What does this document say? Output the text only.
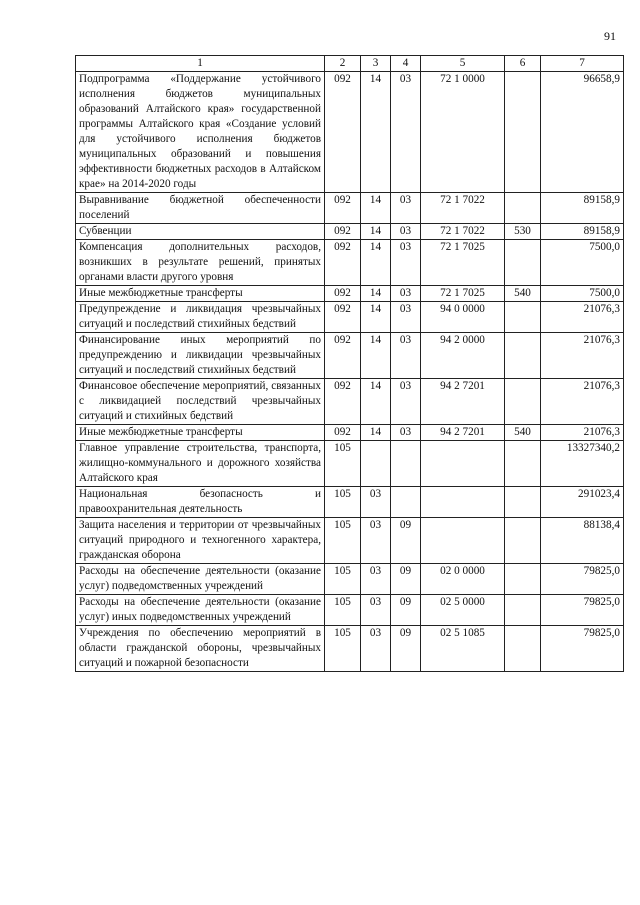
91
1	2	3	4	5	6	7
Подпрограмма «Поддержание устойчивого исполнения бюджетов муниципальных образований Алтайского края» государственной программы Алтайского края «Создание условий для устойчивого исполнения бюджетов муниципальных образований и повышения эффективности бюджетных расходов в Алтайском крае» на 2014-2020 годы	092	14	03	72 1 0000		96658,9
Выравнивание бюджетной обеспеченности поселений	092	14	03	72 1 7022		89158,9
Субвенции	092	14	03	72 1 7022	530	89158,9
Компенсация дополнительных расходов, возникших в результате решений, принятых органами власти другого уровня	092	14	03	72 1 7025		7500,0
Иные межбюджетные трансферты	092	14	03	72 1 7025	540	7500,0
Предупреждение и ликвидация чрезвычайных ситуаций и последствий стихийных бедствий	092	14	03	94 0 0000		21076,3
Финансирование иных мероприятий по предупреждению и ликвидации чрезвычайных ситуаций и последствий стихийных бедствий	092	14	03	94 2 0000		21076,3
Финансовое обеспечение мероприятий, связанных с ликвидацией последствий чрезвычайных ситуаций и стихийных бедствий	092	14	03	94 2 7201		21076,3
Иные межбюджетные трансферты	092	14	03	94 2 7201	540	21076,3
Главное управление строительства, транспорта, жилищно-коммунального и дорожного хозяйства Алтайского края	105					13327340,2
Национальная безопасность и правоохранительная деятельность	105	03				291023,4
Защита населения и территории от чрезвычайных ситуаций природного и техногенного характера, гражданская оборона	105	03	09			88138,4
Расходы на обеспечение деятельности (оказание услуг) подведомственных учреждений	105	03	09	02 0 0000		79825,0
Расходы на обеспечение деятельности (оказание услуг) иных подведомственных учреждений	105	03	09	02 5 0000		79825,0
Учреждения по обеспечению мероприятий в области гражданской обороны, чрезвычайных ситуаций и пожарной безопасности	105	03	09	02 5 1085		79825,0
